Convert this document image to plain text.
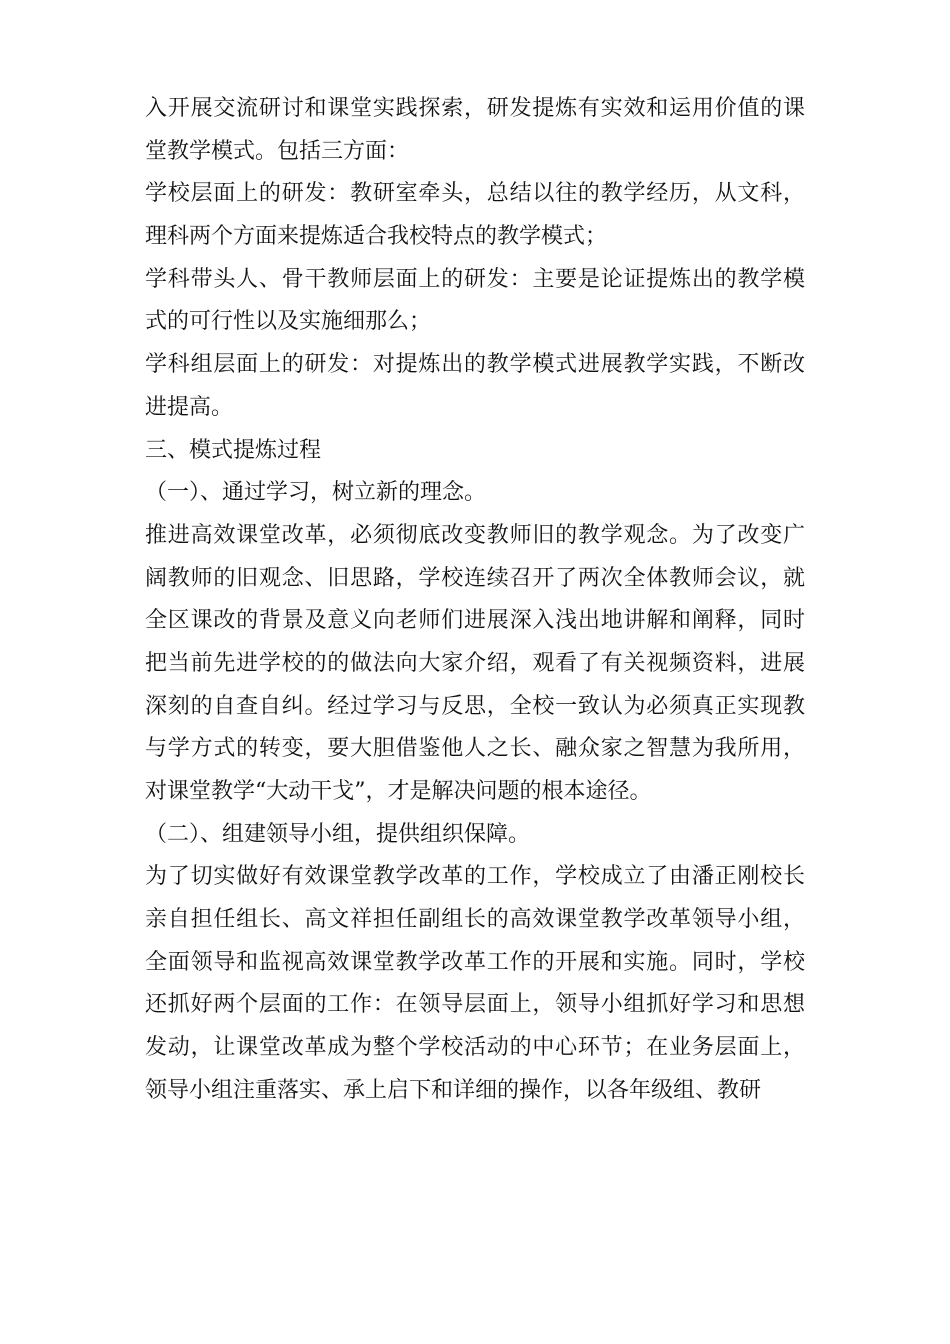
入开展交流研讨和课堂实践探索，研发提炼有实效和运用价值的课
堂教学模式。包括三方面：
学校层面上的研发：教研室牵头，总结以往的教学经历，从文科，
理科两个方面来提炼适合我校特点的教学模式；
学科带头人、骨干教师层面上的研发：主要是论证提炼出的教学模
式的可行性以及实施细那么；
学科组层面上的研发：对提炼出的教学模式进展教学实践，不断改
进提高。
三、模式提炼过程
（一）、通过学习，树立新的理念。
推进高效课堂改革，必须彻底改变教师旧的教学观念。为了改变广
阔教师的旧观念、旧思路，学校连续召开了两次全体教师会议，就
全区课改的背景及意义向老师们进展深入浅出地讲解和阐释，同时
把当前先进学校的的做法向大家介绍，观看了有关视频资料，进展
深刻的自查自纠。经过学习与反思，全校一致认为必须真正实现教
与学方式的转变，要大胆借鉴他人之长、融众家之智慧为我所用，
对课堂教学“大动干戈”，才是解决问题的根本途径。
（二）、组建领导小组，提供组织保障。
为了切实做好有效课堂教学改革的工作，学校成立了由潘正刚校长
亲自担任组长、高文祥担任副组长的高效课堂教学改革领导小组，
全面领导和监视高效课堂教学改革工作的开展和实施。同时，学校
还抓好两个层面的工作：在领导层面上，领导小组抓好学习和思想
发动，让课堂改革成为整个学校活动的中心环节；在业务层面上，
领导小组注重落实、承上启下和详细的操作，以各年级组、教研
